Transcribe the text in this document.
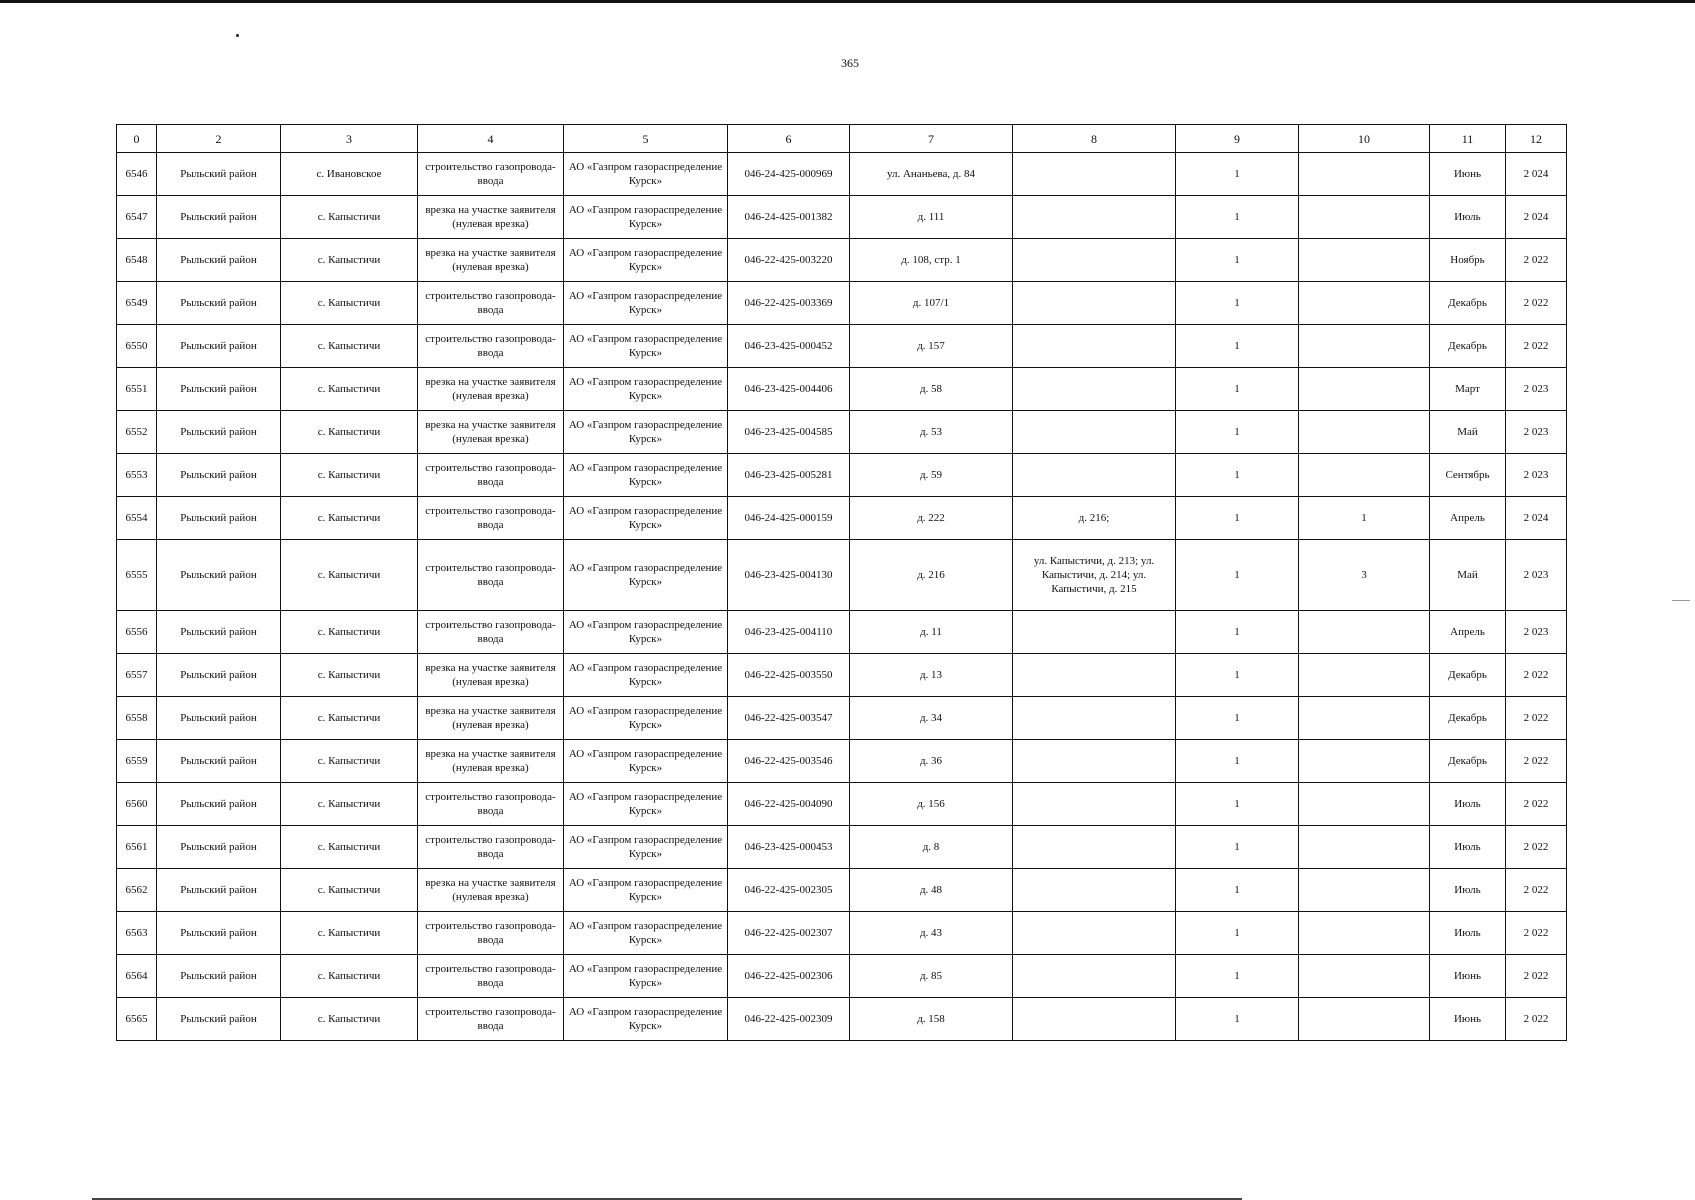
365
0	2	3	4	5	6	7	8	9	10	11	12
6546	Рыльский район	с. Ивановское	строительство газопровода-ввода	АО «Газпром газораспределение Курск»	046-24-425-000969	ул. Ананьева, д. 84		1		Июнь	2 024
6547	Рыльский район	с. Капыстичи	врезка на участке заявителя (нулевая врезка)	АО «Газпром газораспределение Курск»	046-24-425-001382	д. 111		1		Июль	2 024
6548	Рыльский район	с. Капыстичи	врезка на участке заявителя (нулевая врезка)	АО «Газпром газораспределение Курск»	046-22-425-003220	д. 108, стр. 1		1		Ноябрь	2 022
6549	Рыльский район	с. Капыстичи	строительство газопровода-ввода	АО «Газпром газораспределение Курск»	046-22-425-003369	д. 107/1		1		Декабрь	2 022
6550	Рыльский район	с. Капыстичи	строительство газопровода-ввода	АО «Газпром газораспределение Курск»	046-23-425-000452	д. 157		1		Декабрь	2 022
6551	Рыльский район	с. Капыстичи	врезка на участке заявителя (нулевая врезка)	АО «Газпром газораспределение Курск»	046-23-425-004406	д. 58		1		Март	2 023
6552	Рыльский район	с. Капыстичи	врезка на участке заявителя (нулевая врезка)	АО «Газпром газораспределение Курск»	046-23-425-004585	д. 53		1		Май	2 023
6553	Рыльский район	с. Капыстичи	строительство газопровода-ввода	АО «Газпром газораспределение Курск»	046-23-425-005281	д. 59		1		Сентябрь	2 023
6554	Рыльский район	с. Капыстичи	строительство газопровода-ввода	АО «Газпром газораспределение Курск»	046-24-425-000159	д. 222	д. 216;	1	1	Апрель	2 024
6555	Рыльский район	с. Капыстичи	строительство газопровода-ввода	АО «Газпром газораспределение Курск»	046-23-425-004130	д. 216	ул. Капыстичи, д. 213; ул. Капыстичи, д. 214; ул. Капыстичи, д. 215	1	3	Май	2 023
6556	Рыльский район	с. Капыстичи	строительство газопровода-ввода	АО «Газпром газораспределение Курск»	046-23-425-004110	д. 11		1		Апрель	2 023
6557	Рыльский район	с. Капыстичи	врезка на участке заявителя (нулевая врезка)	АО «Газпром газораспределение Курск»	046-22-425-003550	д. 13		1		Декабрь	2 022
6558	Рыльский район	с. Капыстичи	врезка на участке заявителя (нулевая врезка)	АО «Газпром газораспределение Курск»	046-22-425-003547	д. 34		1		Декабрь	2 022
6559	Рыльский район	с. Капыстичи	врезка на участке заявителя (нулевая врезка)	АО «Газпром газораспределение Курск»	046-22-425-003546	д. 36		1		Декабрь	2 022
6560	Рыльский район	с. Капыстичи	строительство газопровода-ввода	АО «Газпром газораспределение Курск»	046-22-425-004090	д. 156		1		Июль	2 022
6561	Рыльский район	с. Капыстичи	строительство газопровода-ввода	АО «Газпром газораспределение Курск»	046-23-425-000453	д. 8		1		Июль	2 022
6562	Рыльский район	с. Капыстичи	врезка на участке заявителя (нулевая врезка)	АО «Газпром газораспределение Курск»	046-22-425-002305	д. 48		1		Июль	2 022
6563	Рыльский район	с. Капыстичи	строительство газопровода-ввода	АО «Газпром газораспределение Курск»	046-22-425-002307	д. 43		1		Июль	2 022
6564	Рыльский район	с. Капыстичи	строительство газопровода-ввода	АО «Газпром газораспределение Курск»	046-22-425-002306	д. 85		1		Июнь	2 022
6565	Рыльский район	с. Капыстичи	строительство газопровода-ввода	АО «Газпром газораспределение Курск»	046-22-425-002309	д. 158		1		Июнь	2 022
